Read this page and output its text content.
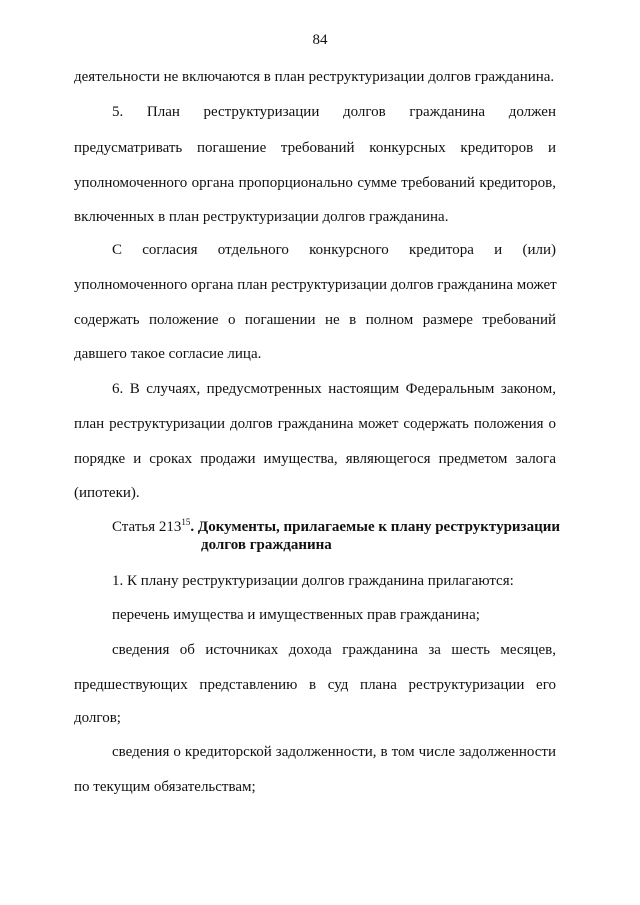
84
деятельности не включаются в план реструктуризации долгов гражданина.
5. План реструктуризации долгов гражданина должен
предусматривать погашение требований конкурсных кредиторов и
уполномоченного органа пропорционально сумме требований кредиторов,
включенных в план реструктуризации долгов гражданина.
С согласия отдельного конкурсного кредитора и (или)
уполномоченного органа план реструктуризации долгов гражданина может
содержать положение о погашении не в полном размере требований
давшего такое согласие лица.
6. В случаях, предусмотренных настоящим Федеральным законом,
план реструктуризации долгов гражданина может содержать положения о
порядке и сроках продажи имущества, являющегося предметом залога
(ипотеки).
Статья $213^{15}$. Документы, прилагаемые к плану реструктуризации
долгов гражданина
1. К плану реструктуризации долгов гражданина прилагаются:
перечень имущества и имущественных прав гражданина;
сведения об источниках дохода гражданина за шесть месяцев,
предшествующих представлению в суд плана реструктуризации его
долгов;
сведения о кредиторской задолженности, в том числе задолженности
по текущим обязательствам;
